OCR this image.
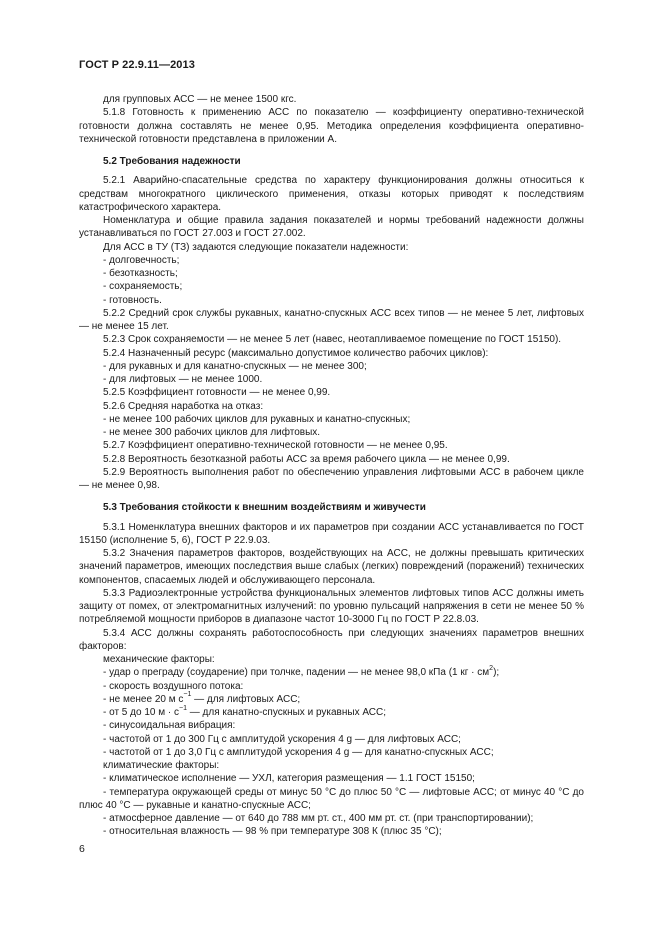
ГОСТ Р 22.9.11—2013

для групповых АСС — не менее 1500 кгс.

5.1.8 Готовность к применению АСС по показателю — коэффициенту оперативно-технической готовности должна составлять не менее 0,95. Методика определения коэффициента оперативно-технической готовности представлена в приложении А.

5.2 Требования надежности

5.2.1 Аварийно-спасательные средства по характеру функционирования должны относиться к средствам многократного циклического применения, отказы которых приводят к последствиям катастрофического характера.

Номенклатура и общие правила задания показателей и нормы требований надежности должны устанавливаться по ГОСТ 27.003 и ГОСТ 27.002.

Для АСС в ТУ (ТЗ) задаются следующие показатели надежности:

- долговечность;

- безотказность;

- сохраняемость;

- готовность.

5.2.2 Средний срок службы рукавных, канатно-спускных АСС всех типов — не менее 5 лет, лифтовых — не менее 15 лет.

5.2.3 Срок сохраняемости — не менее 5 лет (навес, неотапливаемое помещение по ГОСТ 15150).

5.2.4 Назначенный ресурс (максимально допустимое количество рабочих циклов):

- для рукавных и для канатно-спускных — не менее 300;

- для лифтовых — не менее 1000.

5.2.5 Коэффициент готовности — не менее 0,99.

5.2.6 Средняя наработка на отказ:

- не менее 100 рабочих циклов для рукавных и канатно-спускных;

- не менее 300 рабочих циклов для лифтовых.

5.2.7 Коэффициент оперативно-технической готовности — не менее 0,95.

5.2.8 Вероятность безотказной работы АСС за время рабочего цикла — не менее 0,99.

5.2.9 Вероятность выполнения работ по обеспечению управления лифтовыми АСС в рабочем цикле — не менее 0,98.

5.3 Требования стойкости к внешним воздействиям и живучести

5.3.1 Номенклатура внешних факторов и их параметров при создании АСС устанавливается по ГОСТ 15150 (исполнение 5, 6), ГОСТ Р 22.9.03.

5.3.2 Значения параметров факторов, воздействующих на АСС, не должны превышать критических значений параметров, имеющих последствия выше слабых (легких) повреждений (поражений) технических компонентов, спасаемых людей и обслуживающего персонала.

5.3.3 Радиоэлектронные устройства функциональных элементов лифтовых типов АСС должны иметь защиту от помех, от электромагнитных излучений: по уровню пульсаций напряжения в сети не менее 50 % потребляемой мощности приборов в диапазоне частот 10-3000 Гц по ГОСТ Р 22.8.03.

5.3.4 АСС должны сохранять работоспособность при следующих значениях параметров внешних факторов:

механические факторы:

- удар о преграду (соударение) при толчке, падении — не менее 98,0 кПа (1 кг · $см^2$);

- скорость воздушного потока:

- не менее 20 м $с^{-1}$ — для лифтовых АСС;

- от 5 до 10 $м \cdot с^{-1}$ — для канатно-спускных и рукавных АСС;

- синусоидальная вибрация:

- частотой от 1 до 300 Гц с амплитудой ускорения 4 g — для лифтовых АСС;

- частотой от 1 до 3,0 Гц с амплитудой ускорения 4 g — для канатно-спускных АСС;

климатические факторы:

- климатическое исполнение — УХЛ, категория размещения — 1.1 ГОСТ 15150;

- температура окружающей среды от минус 50 °С до плюс 50 °С — лифтовые АСС; от минус 40 °С до плюс 40 °С — рукавные и канатно-спускные АСС;

- атмосферное давление — от 640 до 788 мм рт. ст., 400 мм рт. ст. (при транспортировании);

- относительная влажность — 98 % при температуре 308 К (плюс 35 °С);

6
